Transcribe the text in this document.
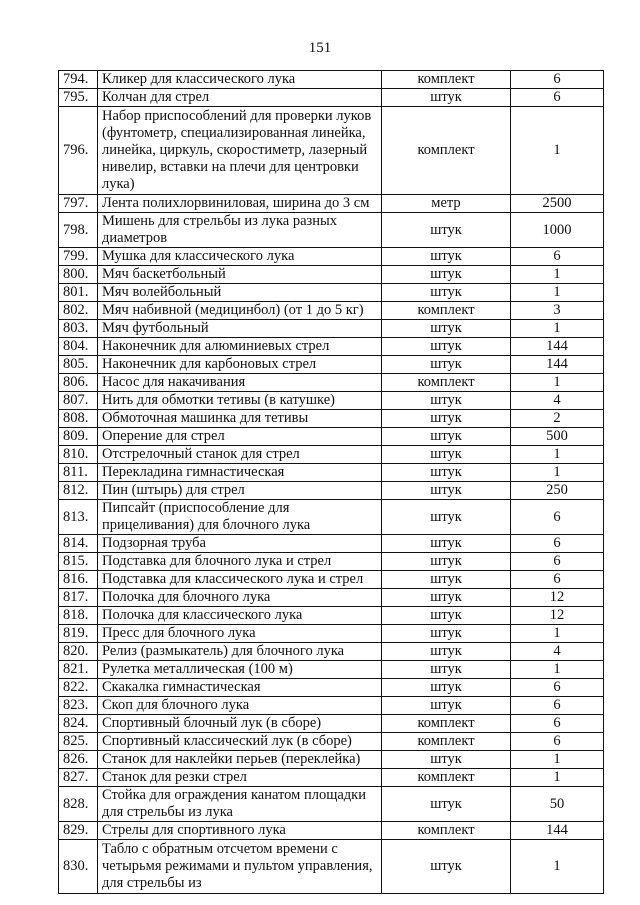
151
794.	Кликер для классического лука	комплект	6
795.	Колчан для стрел	штук	6
796.	Набор приспособлений для проверки луков (фунтометр, специализированная линейка, линейка, циркуль, скоростиметр, лазерный нивелир, вставки на плечи для центровки лука)	комплект	1
797.	Лента полихлорвиниловая, ширина до 3 см	метр	2500
798.	Мишень для стрельбы из лука разных диаметров	штук	1000
799.	Мушка для классического лука	штук	6
800.	Мяч баскетбольный	штук	1
801.	Мяч волейбольный	штук	1
802.	Мяч набивной (медицинбол) (от 1 до 5 кг)	комплект	3
803.	Мяч футбольный	штук	1
804.	Наконечник для алюминиевых стрел	штук	144
805.	Наконечник для карбоновых стрел	штук	144
806.	Насос для накачивания	комплект	1
807.	Нить для обмотки тетивы (в катушке)	штук	4
808.	Обмоточная машинка для тетивы	штук	2
809.	Оперение для стрел	штук	500
810.	Отстрелочный станок для стрел	штук	1
811.	Перекладина гимнастическая	штук	1
812.	Пин (штырь) для стрел	штук	250
813.	Пипсайт (приспособление для прицеливания) для блочного лука	штук	6
814.	Подзорная труба	штук	6
815.	Подставка для блочного лука и стрел	штук	6
816.	Подставка для классического лука и стрел	штук	6
817.	Полочка для блочного лука	штук	12
818.	Полочка для классического лука	штук	12
819.	Пресс для блочного лука	штук	1
820.	Релиз (размыкатель) для блочного лука	штук	4
821.	Рулетка металлическая (100 м)	штук	1
822.	Скакалка гимнастическая	штук	6
823.	Скоп для блочного лука	штук	6
824.	Спортивный блочный лук (в сборе)	комплект	6
825.	Спортивный классический лук (в сборе)	комплект	6
826.	Станок для наклейки перьев (переклейка)	штук	1
827.	Станок для резки стрел	комплект	1
828.	Стойка для ограждения канатом площадки для стрельбы из лука	штук	50
829.	Стрелы для спортивного лука	комплект	144
830.	Табло с обратным отсчетом времени с четырьмя режимами и пультом управления, для стрельбы из	штук	1
